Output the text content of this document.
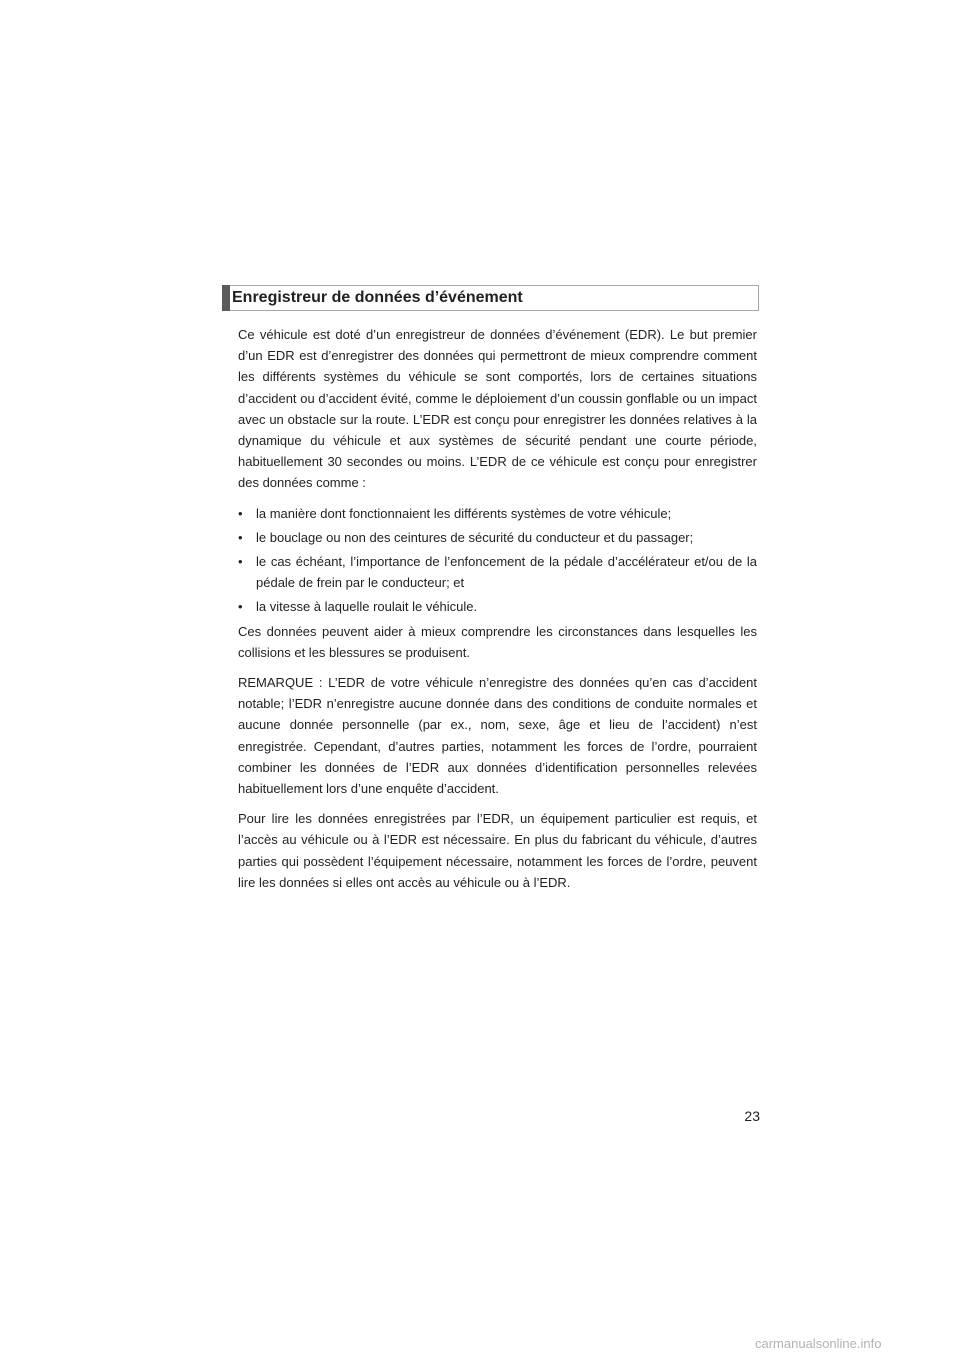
Enregistreur de données d’événement

Ce véhicule est doté d’un enregistreur de données d’événement (EDR). Le but premier d’un EDR est d’enregistrer des données qui permettront de mieux comprendre comment les différents systèmes du véhicule se sont comportés, lors de certaines situations d’accident ou d’accident évité, comme le déploiement d’un coussin gonflable ou un impact avec un obstacle sur la route. L’EDR est conçu pour enregistrer les données relatives à la dynamique du véhicule et aux systèmes de sécurité pendant une courte période, habituellement 30 secondes ou moins. L’EDR de ce véhicule est conçu pour enregistrer des données comme :

• la manière dont fonctionnaient les différents systèmes de votre véhicule;
• le bouclage ou non des ceintures de sécurité du conducteur et du passager;
• le cas échéant, l’importance de l’enfoncement de la pédale d’accélérateur et/ou de la pédale de frein par le conducteur; et
• la vitesse à laquelle roulait le véhicule.

Ces données peuvent aider à mieux comprendre les circonstances dans lesquelles les collisions et les blessures se produisent.

REMARQUE : L’EDR de votre véhicule n’enregistre des données qu’en cas d’accident notable; l’EDR n’enregistre aucune donnée dans des conditions de conduite normales et aucune donnée personnelle (par ex., nom, sexe, âge et lieu de l’accident) n’est enregistrée. Cependant, d’autres parties, notamment les forces de l’ordre, pourraient combiner les données de l’EDR aux données d’identification personnelles relevées habituellement lors d’une enquête d’accident.

Pour lire les données enregistrées par l’EDR, un équipement particulier est requis, et l’accès au véhicule ou à l’EDR est nécessaire. En plus du fabricant du véhicule, d’autres parties qui possèdent l’équipement nécessaire, notamment les forces de l’ordre, peuvent lire les données si elles ont accès au véhicule ou à l’EDR.

23
carmanualsonline.info
